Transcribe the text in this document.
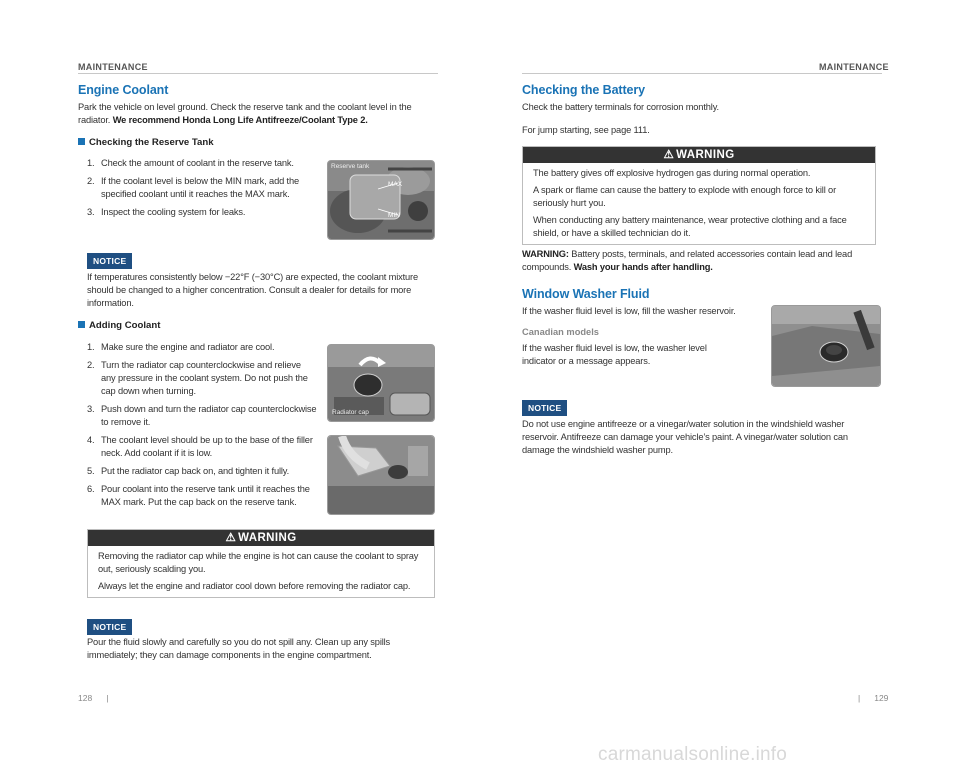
MAINTENANCE
Engine Coolant

Park the vehicle on level ground. Check the reserve tank and the coolant level in the radiator. We recommend Honda Long Life Antifreeze/Coolant Type 2.

Checking the Reserve Tank
1. Check the amount of coolant in the reserve tank.
2. If the coolant level is below the MIN mark, add the specified coolant until it reaches the MAX mark.
3. Inspect the cooling system for leaks.
Reserve tank
MAX
MIN
NOTICE

If temperatures consistently below −22°F (−30°C) are expected, the coolant mixture should be changed to a higher concentration. Consult a dealer for details for more information.

Adding Coolant
1. Make sure the engine and radiator are cool.
2. Turn the radiator cap counterclockwise and relieve any pressure in the coolant system. Do not push the cap down when turning.
3. Push down and turn the radiator cap counterclockwise to remove it.
4. The coolant level should be up to the base of the filler neck. Add coolant if it is low.
5. Put the radiator cap back on, and tighten it fully.
6. Pour coolant into the reserve tank until it reaches the MAX mark. Put the cap back on the reserve tank.
Radiator cap
⚠ WARNING

Removing the radiator cap while the engine is hot can cause the coolant to spray out, seriously scalding you.

Always let the engine and radiator cool down before removing the radiator cap.

NOTICE

Pour the fluid slowly and carefully so you do not spill any. Clean up any spills immediately; they can damage components in the engine compartment.

128 |
MAINTENANCE
Checking the Battery

Check the battery terminals for corrosion monthly.

For jump starting, see page 111.

⚠ WARNING

The battery gives off explosive hydrogen gas during normal operation.

A spark or flame can cause the battery to explode with enough force to kill or seriously hurt you.

When conducting any battery maintenance, wear protective clothing and a face shield, or have a skilled technician do it.

WARNING: Battery posts, terminals, and related accessories contain lead and lead compounds. Wash your hands after handling.

Window Washer Fluid

If the washer fluid level is low, fill the washer reservoir.

Canadian models

If the washer fluid level is low, the washer level indicator or a message appears.

NOTICE

Do not use engine antifreeze or a vinegar/water solution in the windshield washer reservoir. Antifreeze can damage your vehicle’s paint. A vinegar/water solution can damage the windshield washer pump.

| 129
carmanualsonline.info
